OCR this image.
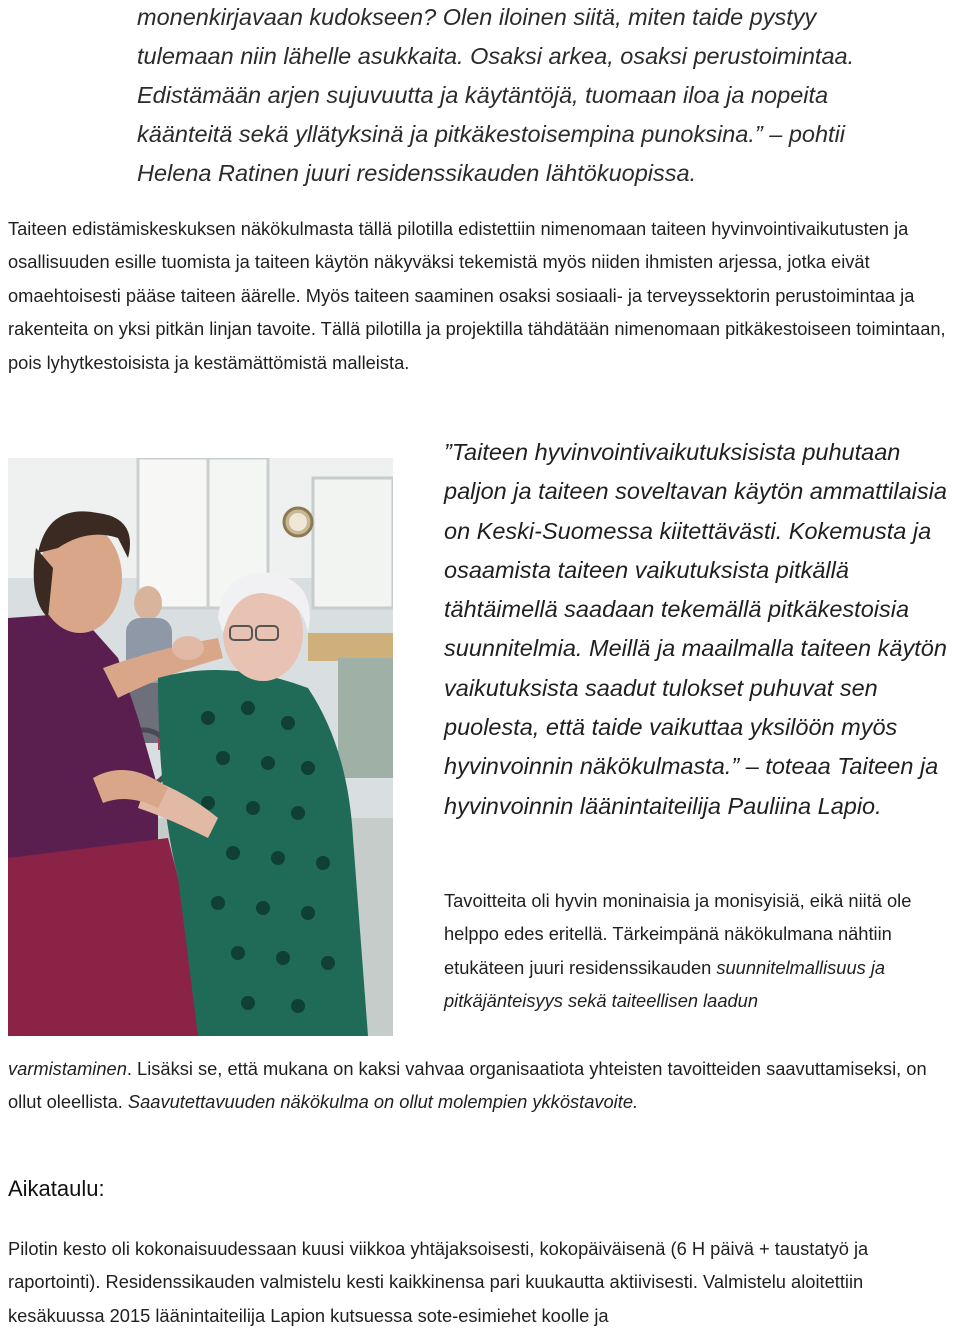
monenkirjavaan kudokseen? Olen iloinen siitä, miten taide pystyy
tulemaan niin lähelle asukkaita. Osaksi arkea, osaksi perustoimintaa.
Edistämään arjen sujuvuutta ja käytäntöjä, tuomaan iloa ja nopeita
käänteitä sekä yllätyksinä ja pitkäkestoisempina punoksina.” – pohtii
Helena Ratinen juuri residenssikauden lähtökuopissa.

Taiteen edistämiskeskuksen näkökulmasta tällä pilotilla edistettiin nimenomaan taiteen hyvinvointivaikutusten ja osallisuuden esille tuomista ja taiteen käytön näkyväksi tekemistä myös niiden ihmisten arjessa, jotka eivät omaehtoisesti pääse taiteen äärelle. Myös taiteen saaminen osaksi sosiaali- ja terveyssektorin perustoimintaa ja rakenteita on yksi pitkän linjan tavoite. Tällä pilotilla ja projektilla tähdätään nimenomaan pitkäkestoiseen toimintaan, pois lyhytkestoisista ja kestämättömistä malleista.

”Taiteen hyvinvointivaikutuksisista puhutaan paljon ja taiteen soveltavan käytön ammattilaisia on Keski-Suomessa kiitettävästi. Kokemusta ja osaamista taiteen vaikutuksista pitkällä tähtäimellä saadaan tekemällä pitkäkestoisia suunnitelmia. Meillä ja maailmalla taiteen käytön vaikutuksista saadut tulokset puhuvat sen puolesta, että taide vaikuttaa yksilöön myös hyvinvoinnin näkökulmasta.” – toteaa Taiteen ja hyvinvoinnin läänintaiteilija Pauliina Lapio.
Tavoitteita oli hyvin moninaisia ja monisyisiä, eikä niitä ole helppo edes eritellä. Tärkeimpänä näkökulmana nähtiin etukäteen juuri residenssikauden suunnitelmallisuus ja pitkäjänteisyys sekä taiteellisen laadun
varmistaminen. Lisäksi se, että mukana on kaksi vahvaa organisaatiota yhteisten tavoitteiden saavuttamiseksi, on ollut oleellista. Saavutettavuuden näkökulma on ollut molempien ykköstavoite.
Aikataulu:

Pilotin kesto oli kokonaisuudessaan kuusi viikkoa yhtäjaksoisesti, kokopäiväisenä (6 H päivä + taustatyö ja raportointi). Residenssikauden valmistelu kesti kaikkinensa pari kuukautta aktiivisesti. Valmistelu aloitettiin kesäkuussa 2015 läänintaiteilija Lapion kutsuessa sote-esimiehet koolle ja
